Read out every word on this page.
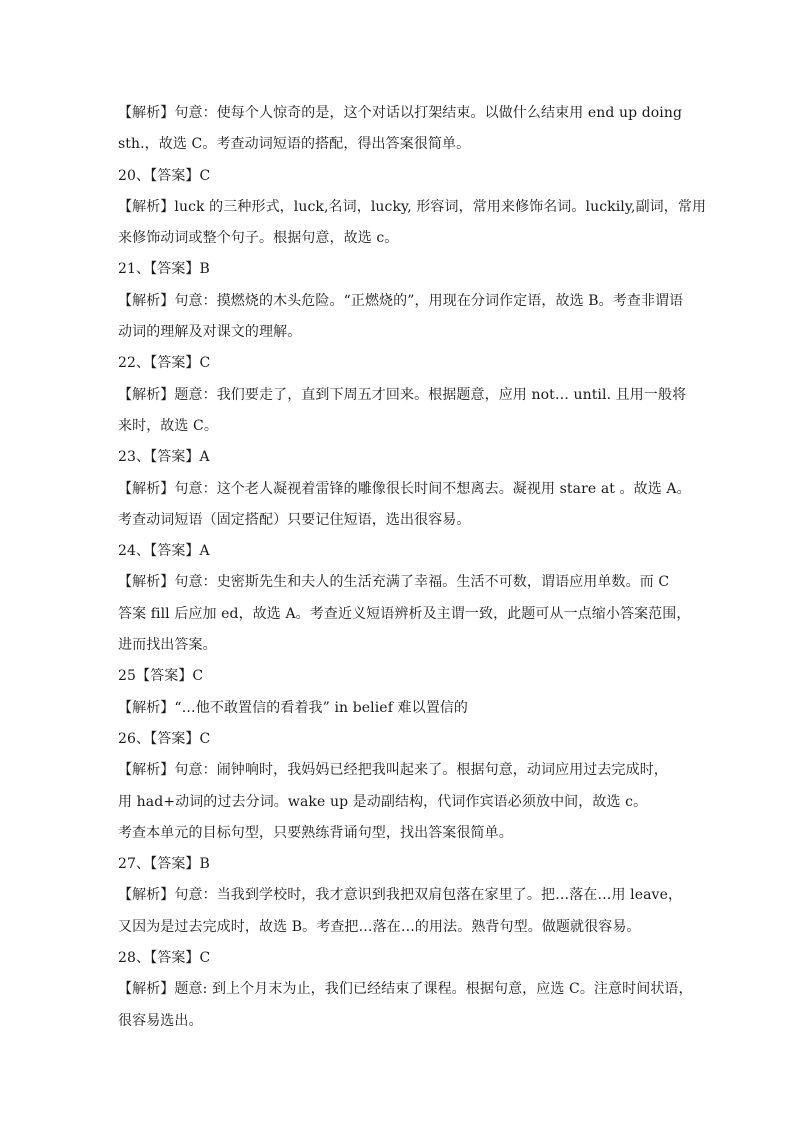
【解析】句意：使每个人惊奇的是，这个对话以打架结束。以做什么结束用 end up doing
sth.，故选 C。考查动词短语的搭配，得出答案很简单。
20、【答案】C
【解析】luck 的三种形式，luck,名词，lucky, 形容词，常用来修饰名词。luckily,副词，常用
来修饰动词或整个句子。根据句意，故选 c。
21、【答案】B
【解析】句意：摸燃烧的木头危险。“正燃烧的”，用现在分词作定语，故选 B。考查非谓语
动词的理解及对课文的理解。
22、【答案】C
【解析】题意：我们要走了，直到下周五才回来。根据题意，应用 not… until. 且用一般将
来时，故选 C。
23、【答案】A
【解析】句意：这个老人凝视着雷锋的雕像很长时间不想离去。凝视用 stare at 。故选 A。
考查动词短语（固定搭配）只要记住短语，选出很容易。
24、【答案】A
【解析】句意：史密斯先生和夫人的生活充满了幸福。生活不可数，谓语应用单数。而 C
答案 fill 后应加 ed，故选 A。考查近义短语辨析及主谓一致，此题可从一点缩小答案范围，
进而找出答案。
25【答案】C
【解析】“…他不敢置信的看着我” in belief 难以置信的
26、【答案】C
【解析】句意：闹钟响时，我妈妈已经把我叫起来了。根据句意，动词应用过去完成时，
用 had+动词的过去分词。wake up 是动副结构，代词作宾语必须放中间，故选 c。
考查本单元的目标句型，只要熟练背诵句型，找出答案很简单。
27、【答案】B
【解析】句意：当我到学校时，我才意识到我把双肩包落在家里了。把…落在…用 leave，
又因为是过去完成时，故选 B。考查把…落在…的用法。熟背句型。做题就很容易。
28、【答案】C
【解析】题意: 到上个月末为止，我们已经结束了课程。根据句意，应选 C。注意时间状语，
很容易选出。
